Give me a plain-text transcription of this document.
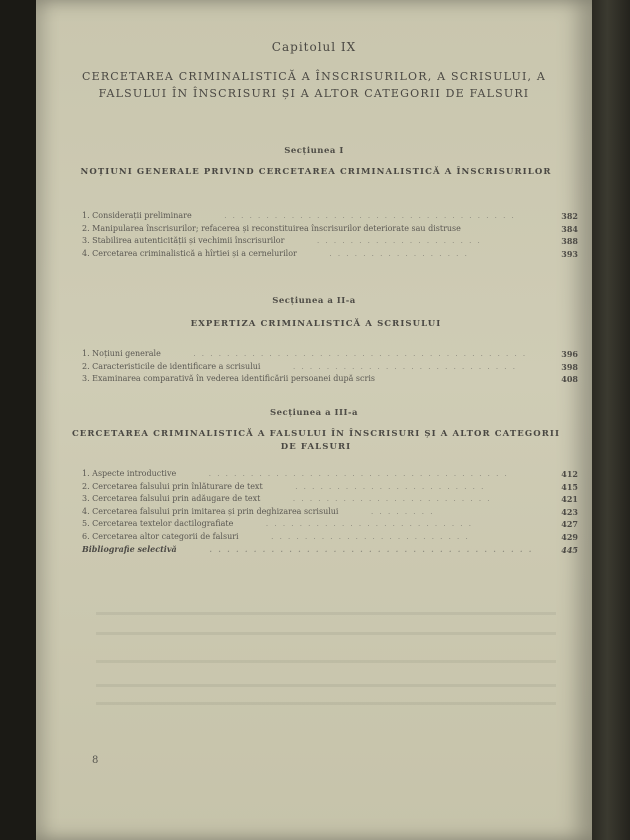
Capitolul IX
CERCETAREA CRIMINALISTICĂ A ÎNSCRISURILOR, A SCRISULUI, A FALSULUI ÎN ÎNSCRISURI ȘI A ALTOR CATEGORII DE FALSURI
Secțiunea I
NOȚIUNI GENERALE PRIVIND CERCETAREA CRIMINALISTICĂ A ÎNSCRISURILOR
1. Considerații preliminare	. . . . . . . . . . . . . . . . . . . . . . . . . . . . . . . . . . .	382
2. Manipularea înscrisurilor; refacerea și reconstituirea înscrisurilor deteriorate sau distruse	384
3. Stabilirea autenticității și vechimii înscrisurilor	. . . . . . . . . . . . . . . . . . . .	388
4. Cercetarea criminalistică a hîrtiei și a cernelurilor	. . . . . . . . . . . . . . . . .	393
Secțiunea a II-a
EXPERTIZA CRIMINALISTICĂ A SCRISULUI
1. Noțiuni generale	. . . . . . . . . . . . . . . . . . . . . . . . . . . . . . . . . . . . . . . .	396
2. Caracteristicile de identificare a scrisului	. . . . . . . . . . . . . . . . . . . . . . . . . . .	398
3. Examinarea comparativă în vederea identificării persoanei după scris	408
Secțiunea a III-a
CERCETAREA CRIMINALISTICĂ A FALSULUI ÎN ÎNSCRISURI ȘI A ALTOR CATEGORII DE FALSURI
1. Aspecte introductive	. . . . . . . . . . . . . . . . . . . . . . . . . . . . . . . . . . . .	412
2. Cercetarea falsului prin înlăturare de text	. . . . . . . . . . . . . . . . . . . . . . .	415
3. Cercetarea falsului prin adăugare de text	. . . . . . . . . . . . . . . . . . . . . . . .	421
4. Cercetarea falsului prin imitarea și prin deghizarea scrisului	. . . . . . . .	423
5. Cercetarea textelor dactilografiate	. . . . . . . . . . . . . . . . . . . . . . . . .	427
6. Cercetarea altor categorii de falsuri	. . . . . . . . . . . . . . . . . . . . . . . .	429
Bibliografie selectivă	. . . . . . . . . . . . . . . . . . . . . . . . . . . . . . . . . . . . .	445
8
